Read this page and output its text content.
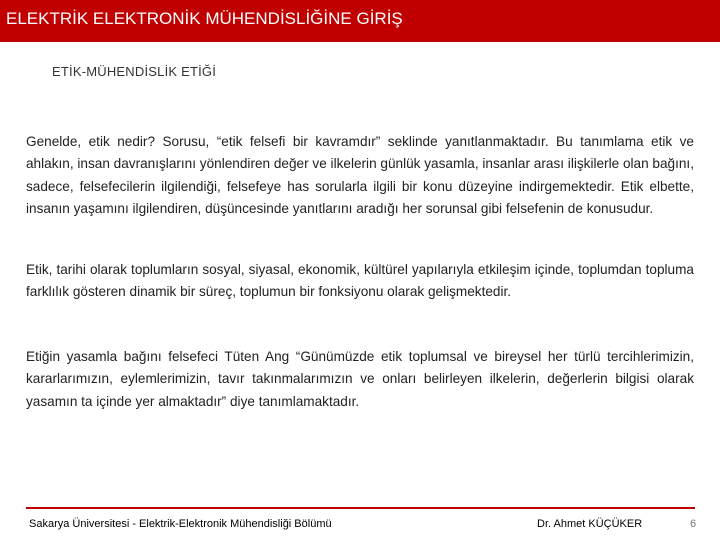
ELEKTRİK ELEKTRONİK MÜHENDİSLİĞİNE GİRİŞ
ETİK-MÜHENDİSLİK ETİĞİ

Genelde, etik nedir? Sorusu, “etik felsefi bir kavramdır” seklinde yanıtlanmaktadır. Bu tanımlama etik ve ahlakın, insan davranışlarını yönlendiren değer ve ilkelerin günlük yasamla, insanlar arası ilişkilerle olan bağını, sadece, felsefecilerin ilgilendiği, felsefeye has sorularla ilgili bir konu düzeyine indirgemektedir. Etik elbette, insanın yaşamını ilgilendiren, düşüncesinde yanıtlarını aradığı her sorunsal gibi felsefenin de konusudur.

Etik, tarihi olarak toplumların sosyal, siyasal, ekonomik, kültürel yapılarıyla etkileşim içinde, toplumdan topluma farklılık gösteren dinamik bir süreç, toplumun bir fonksiyonu olarak gelişmektedir.

Etiğin yasamla bağını felsefeci Tüten Ang “Günümüzde etik toplumsal ve bireysel her türlü tercihlerimizin, kararlarımızın, eylemlerimizin, tavır takınmalarımızın ve onları belirleyen ilkelerin, değerlerin bilgisi olarak yasamın ta içinde yer almaktadır” diye tanımlamaktadır.

Sakarya Üniversitesi - Elektrik-Elektronik Mühendisliği Bölümü	Dr. Ahmet KÜÇÜKER	6
